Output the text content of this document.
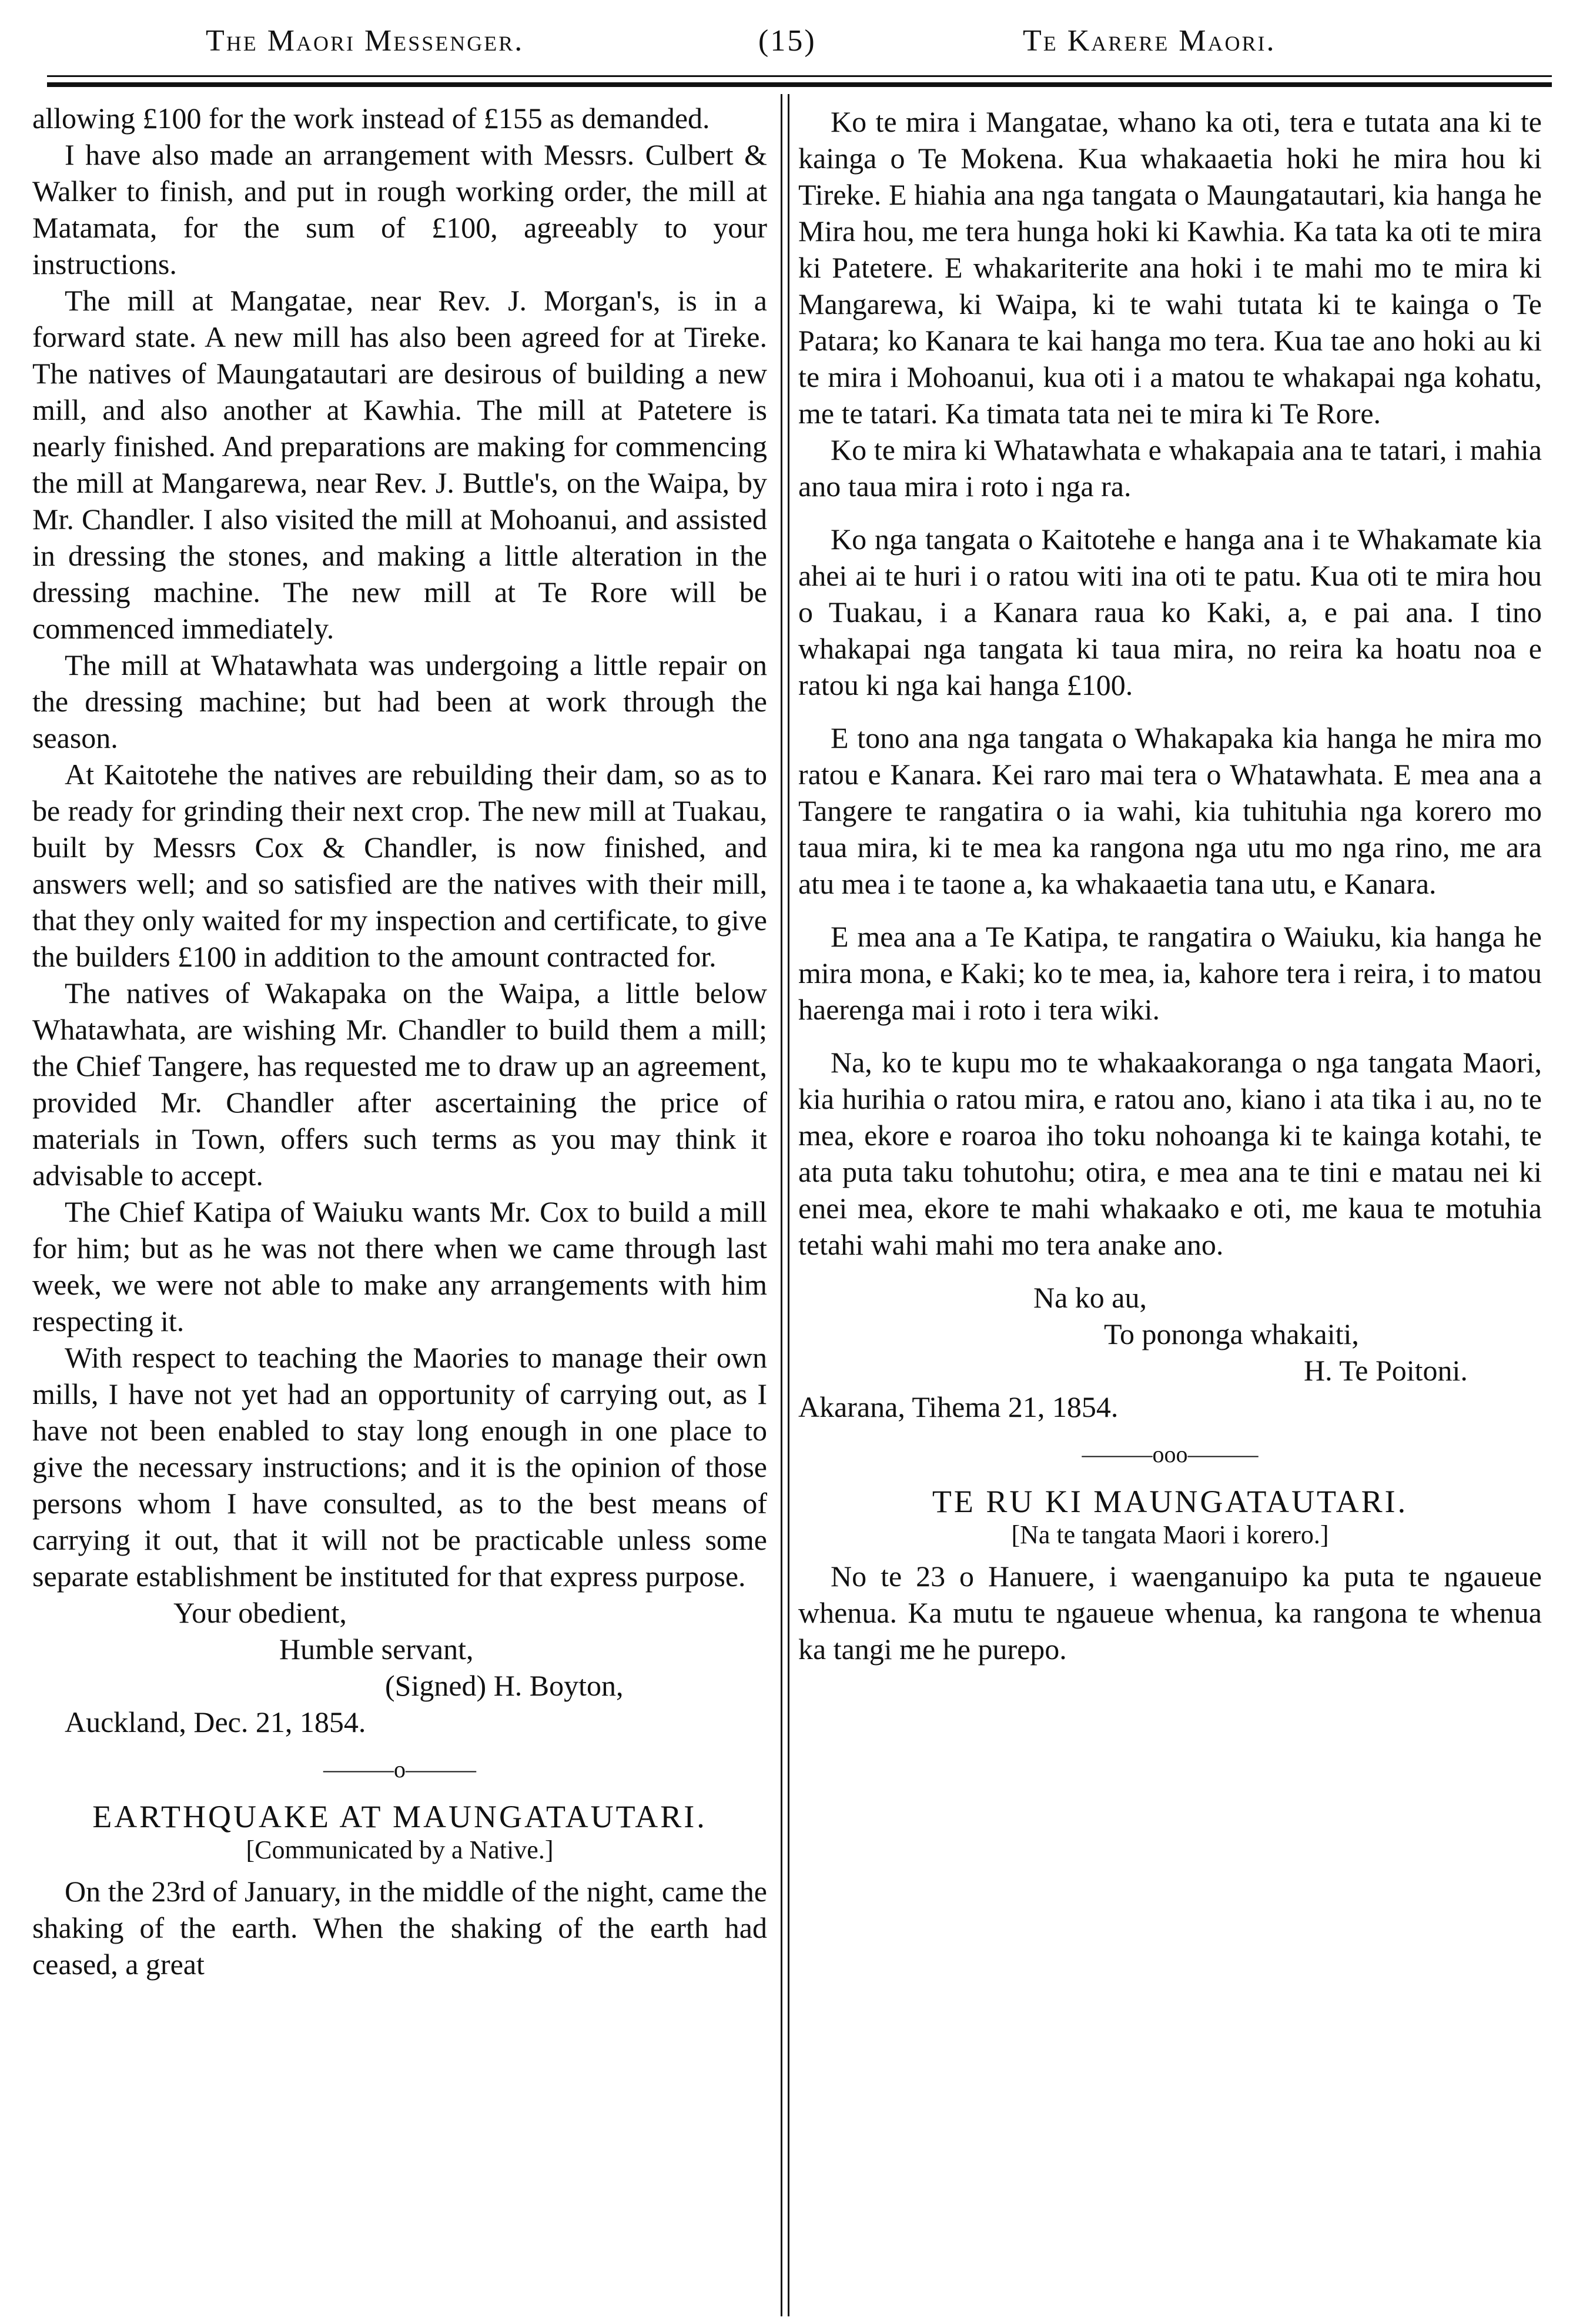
The Maori Messenger.	(15)	Te Karere Maori.

allowing £100 for the work instead of £155 as demanded.

I have also made an arrangement with Messrs. Culbert & Walker to finish, and put in rough working order, the mill at Matamata, for the sum of £100, agreeably to your instructions.

The mill at Mangatae, near Rev. J. Morgan's, is in a forward state. A new mill has also been agreed for at Tireke. The natives of Maungatautari are desirous of building a new mill, and also another at Kawhia. The mill at Patetere is nearly finished. And preparations are making for commencing the mill at Mangarewa, near Rev. J. Buttle's, on the Waipa, by Mr. Chandler. I also visited the mill at Mohoanui, and assisted in dressing the stones, and making a little alteration in the dressing machine. The new mill at Te Rore will be commenced immediately.

The mill at Whatawhata was undergoing a little repair on the dressing machine; but had been at work through the season.

At Kaitotehe the natives are rebuilding their dam, so as to be ready for grinding their next crop. The new mill at Tuakau, built by Messrs Cox & Chandler, is now finished, and answers well; and so satisfied are the natives with their mill, that they only waited for my inspection and certificate, to give the builders £100 in addition to the amount contracted for.

The natives of Wakapaka on the Waipa, a little below Whatawhata, are wishing Mr. Chandler to build them a mill; the Chief Tangere, has requested me to draw up an agreement, provided Mr. Chandler after ascertaining the price of materials in Town, offers such terms as you may think it advisable to accept.

The Chief Katipa of Waiuku wants Mr. Cox to build a mill for him; but as he was not there when we came through last week, we were not able to make any arrangements with him respecting it.

With respect to teaching the Maories to manage their own mills, I have not yet had an opportunity of carrying out, as I have not been enabled to stay long enough in one place to give the necessary instructions; and it is the opinion of those persons whom I have consulted, as to the best means of carrying it out, that it will not be practicable unless some separate establishment be instituted for that express purpose.

Your obedient,
Humble servant,
(Signed) H. Boyton,
Auckland, Dec. 21, 1854.
———o———
EARTHQUAKE AT MAUNGATAUTARI.
[Communicated by a Native.]

On the 23rd of January, in the middle of the night, came the shaking of the earth. When the shaking of the earth had ceased, a great

Ko te mira i Mangatae, whano ka oti, tera e tutata ana ki te kainga o Te Mokena. Kua whakaaetia hoki he mira hou ki Tireke. E hiahia ana nga tangata o Maungatautari, kia hanga he Mira hou, me tera hunga hoki ki Kawhia. Ka tata ka oti te mira ki Patetere. E whakariterite ana hoki i te mahi mo te mira ki Mangarewa, ki Waipa, ki te wahi tutata ki te kainga o Te Patara; ko Kanara te kai hanga mo tera. Kua tae ano hoki au ki te mira i Mohoanui, kua oti i a matou te whakapai nga kohatu, me te tatari. Ka timata tata nei te mira ki Te Rore.

Ko te mira ki Whatawhata e whakapaia ana te tatari, i mahia ano taua mira i roto i nga ra.

Ko nga tangata o Kaitotehe e hanga ana i te Whakamate kia ahei ai te huri i o ratou witi ina oti te patu. Kua oti te mira hou o Tuakau, i a Kanara raua ko Kaki, a, e pai ana. I tino whakapai nga tangata ki taua mira, no reira ka hoatu noa e ratou ki nga kai hanga £100.

E tono ana nga tangata o Whakapaka kia hanga he mira mo ratou e Kanara. Kei raro mai tera o Whatawhata. E mea ana a Tangere te rangatira o ia wahi, kia tuhituhia nga korero mo taua mira, ki te mea ka rangona nga utu mo nga rino, me ara atu mea i te taone a, ka whakaaetia tana utu, e Kanara.

E mea ana a Te Katipa, te rangatira o Waiuku, kia hanga he mira mona, e Kaki; ko te mea, ia, kahore tera i reira, i to matou haerenga mai i roto i tera wiki.

Na, ko te kupu mo te whakaakoranga o nga tangata Maori, kia hurihia o ratou mira, e ratou ano, kiano i ata tika i au, no te mea, ekore e roaroa iho toku nohoanga ki te kainga kotahi, te ata puta taku tohutohu; otira, e mea ana te tini e matau nei ki enei mea, ekore te mahi whakaako e oti, me kaua te motuhia tetahi wahi mahi mo tera anake ano.

Na ko au,
To pononga whakaiti,
H. Te Poitoni.
Akarana, Tihema 21, 1854.
———ooo———
TE RU KI MAUNGATAUTARI.
[Na te tangata Maori i korero.]

No te 23 o Hanuere, i waenganuipo ka puta te ngaueue whenua. Ka mutu te ngaueue whenua, ka rangona te whenua ka tangi me he purepo.
